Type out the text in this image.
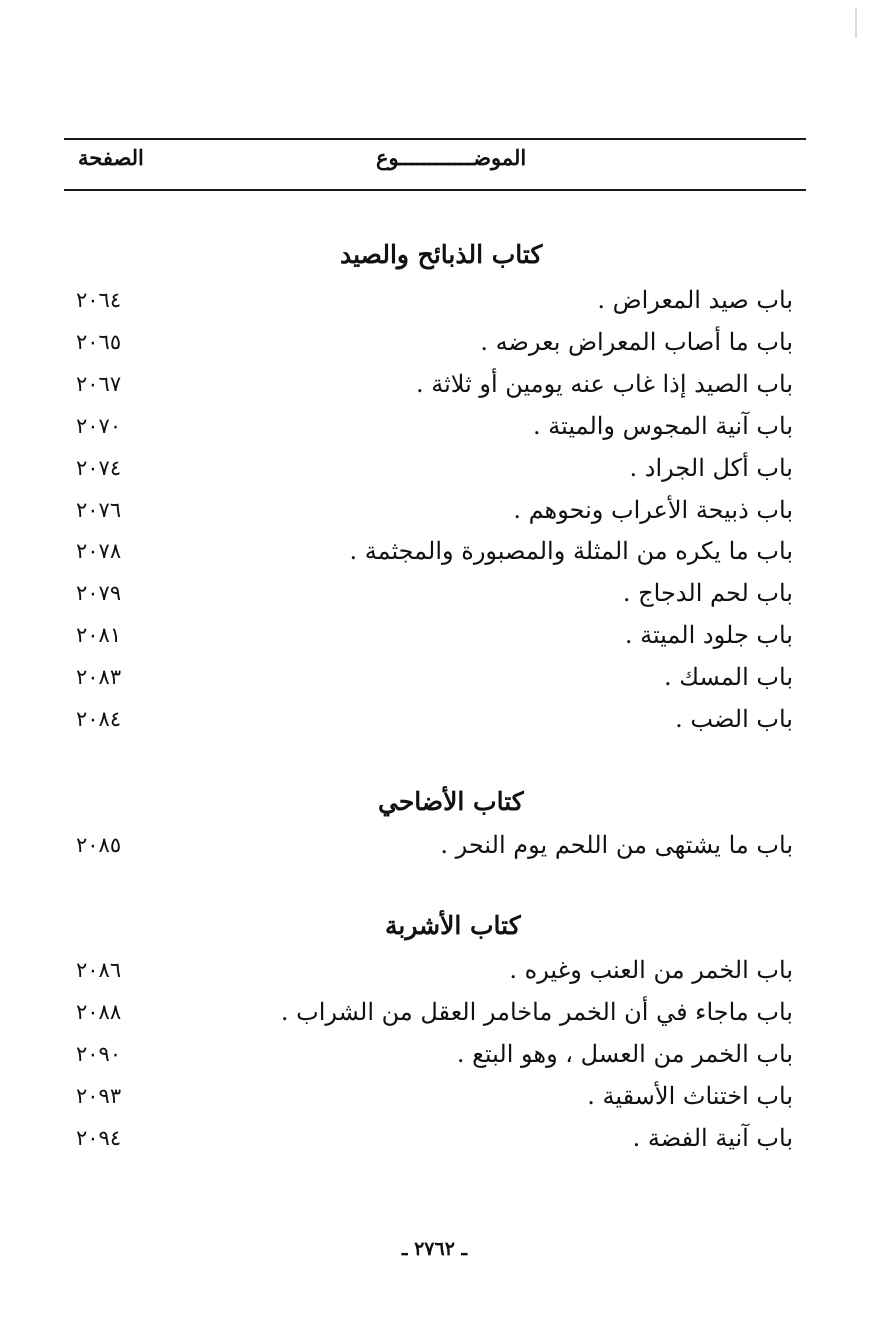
الموضــــــــــــوع
الصفحة
كتاب الذبائح والصيد
باب صيد المعراض .
٢٠٦٤
باب ما أصاب المعراض بعرضه .
٢٠٦٥
باب الصيد إذا غاب عنه يومين أو ثلاثة .
٢٠٦٧
باب آنية المجوس والميتة .
٢٠٧٠
باب أكل الجراد .
٢٠٧٤
باب ذبيحة الأعراب ونحوهم .
٢٠٧٦
باب ما يكره من المثلة والمصبورة والمجثمة .
٢٠٧٨
باب لحم الدجاج .
٢٠٧٩
باب جلود الميتة .
٢٠٨١
باب المسك .
٢٠٨٣
باب الضب .
٢٠٨٤
كتاب الأضاحي
باب ما يشتهى من اللحم يوم النحر .
٢٠٨٥
كتاب الأشربة
باب الخمر من العنب وغيره .
٢٠٨٦
باب ماجاء في أن الخمر ماخامر العقل من الشراب .
٢٠٨٨
باب الخمر من العسل ، وهو البتع .
٢٠٩٠
باب اختناث الأسقية .
٢٠٩٣
باب آنية الفضة .
٢٠٩٤
ـ ٢٧٦٢ ـ
